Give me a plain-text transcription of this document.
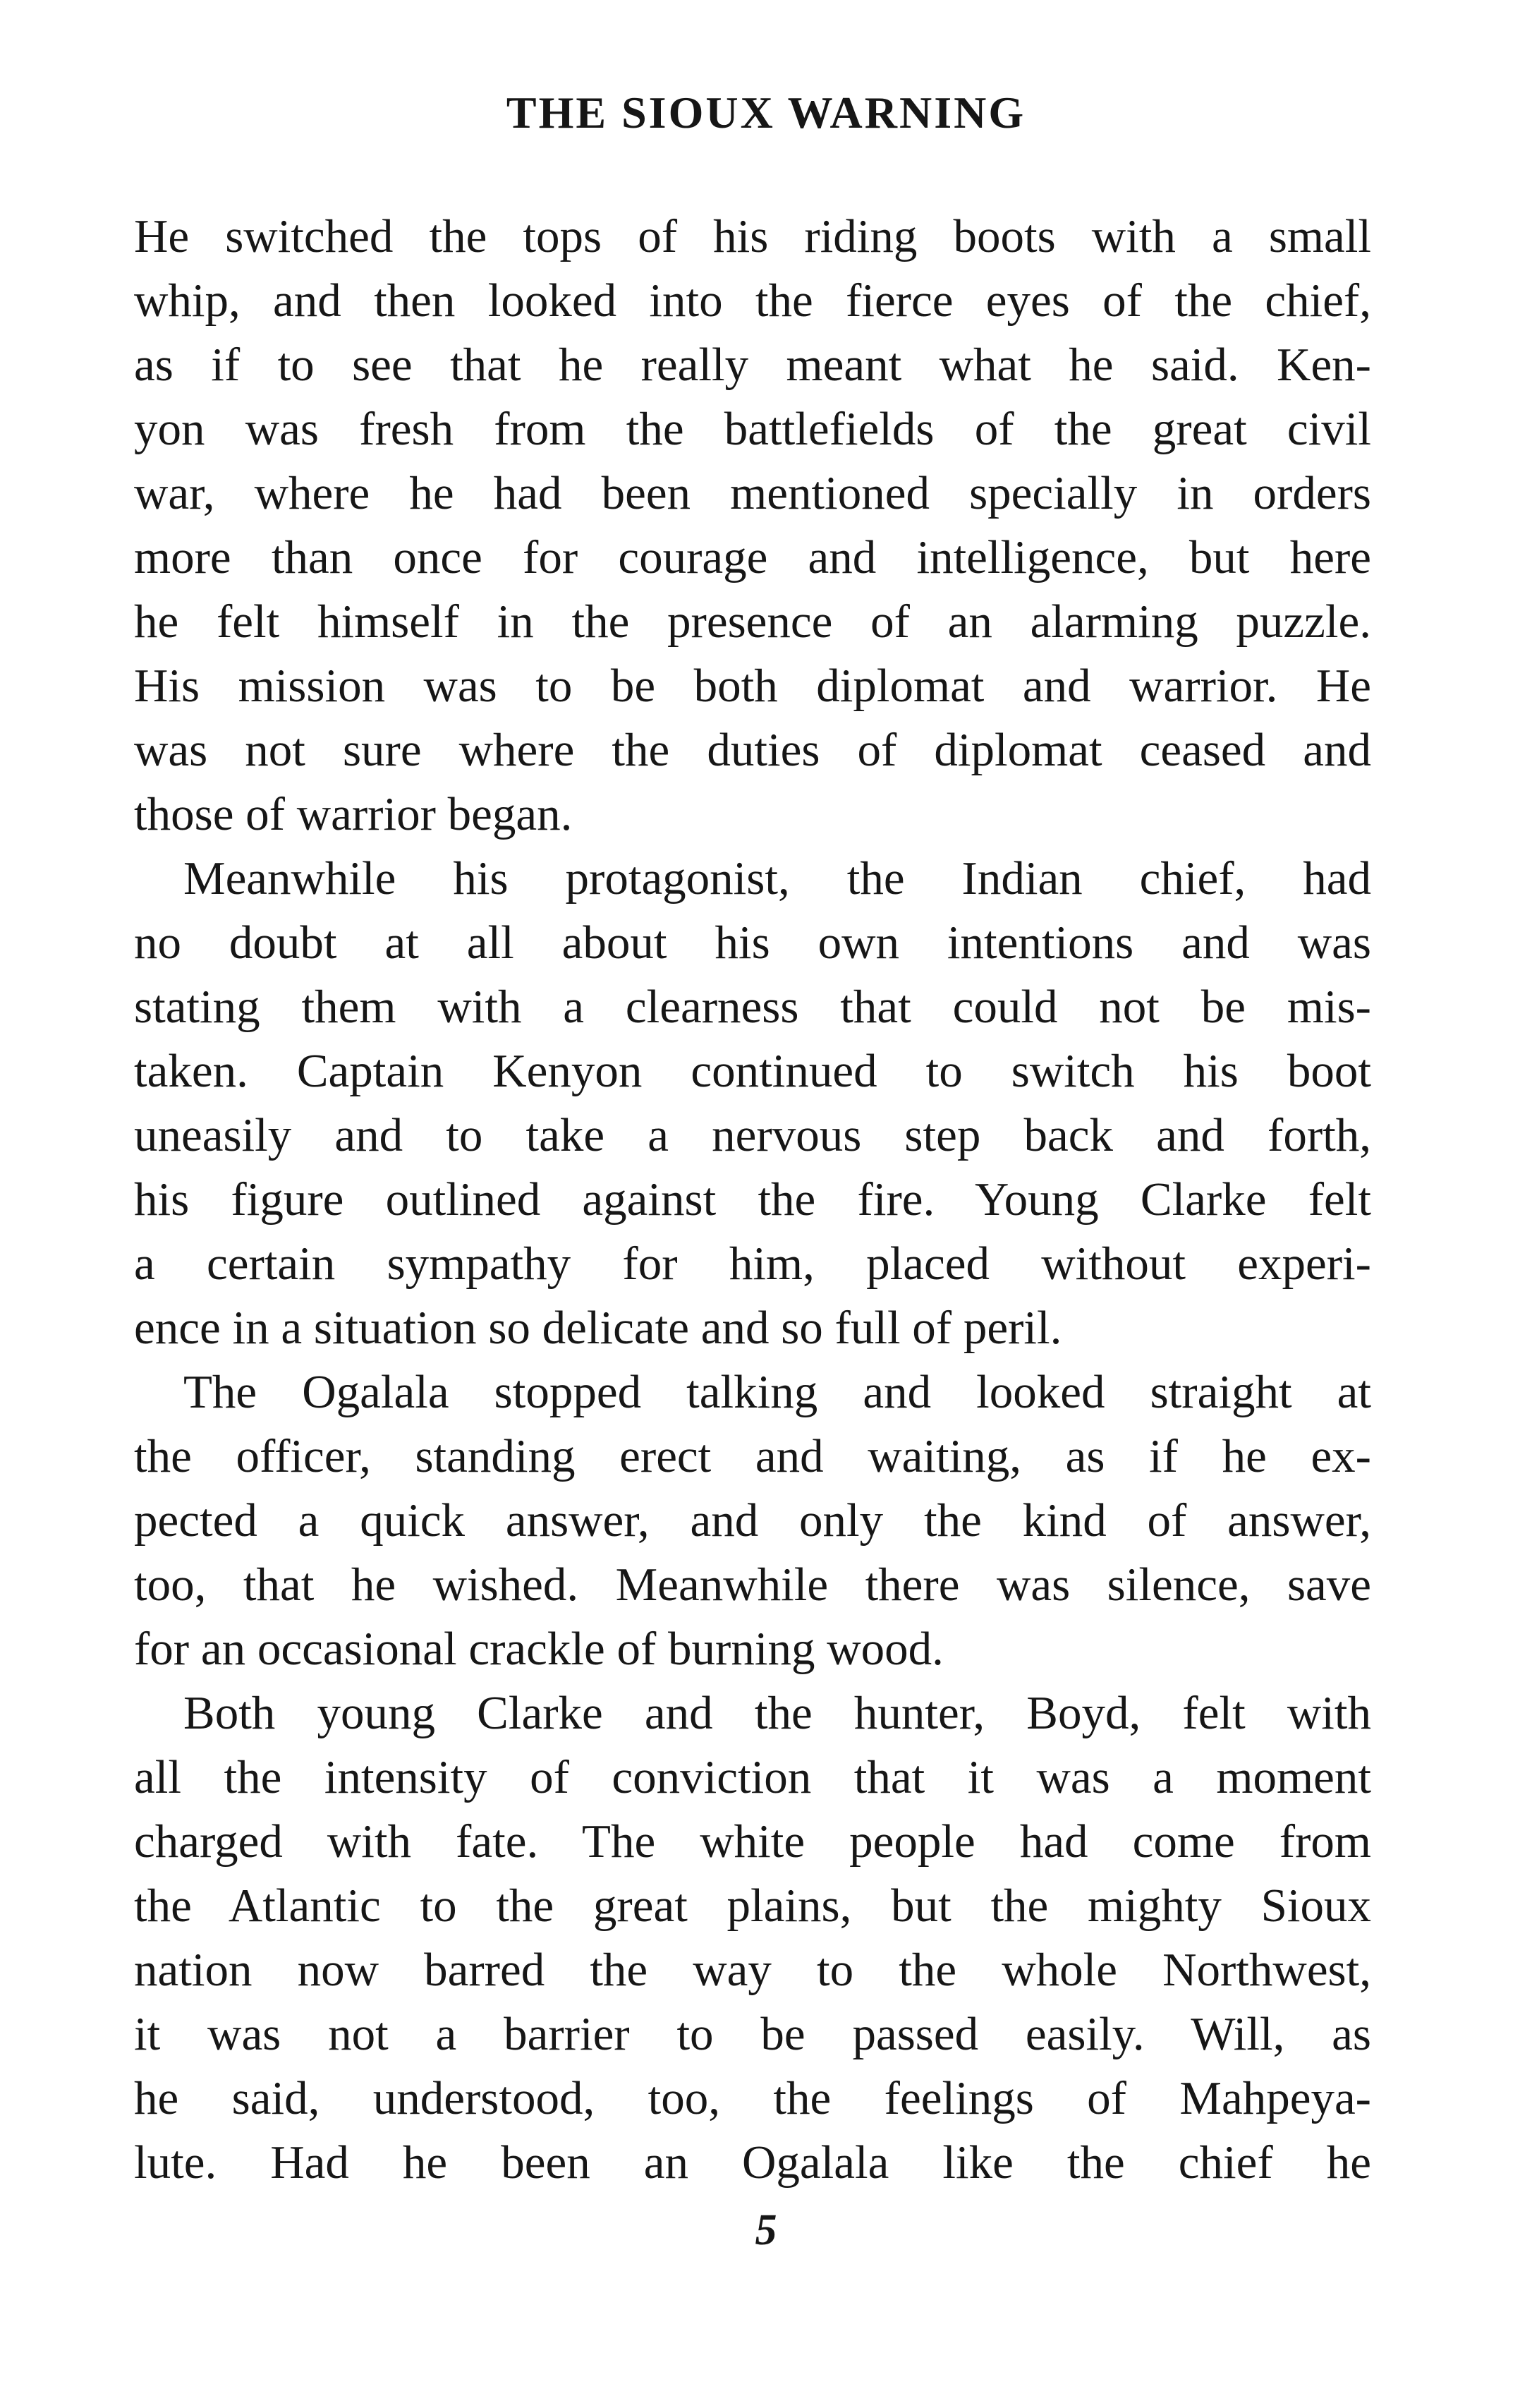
THE SIOUX WARNING
He switched the tops of his riding boots with a small
whip, and then looked into the fierce eyes of the chief,
as if to see that he really meant what he said. Ken-
yon was fresh from the battlefields of the great civil
war, where he had been mentioned specially in orders
more than once for courage and intelligence, but here
he felt himself in the presence of an alarming puzzle.
His mission was to be both diplomat and warrior. He
was not sure where the duties of diplomat ceased and
those of warrior began.
Meanwhile his protagonist, the Indian chief, had
no doubt at all about his own intentions and was
stating them with a clearness that could not be mis-
taken. Captain Kenyon continued to switch his boot
uneasily and to take a nervous step back and forth,
his figure outlined against the fire. Young Clarke felt
a certain sympathy for him, placed without experi-
ence in a situation so delicate and so full of peril.
The Ogalala stopped talking and looked straight at
the officer, standing erect and waiting, as if he ex-
pected a quick answer, and only the kind of answer,
too, that he wished. Meanwhile there was silence, save
for an occasional crackle of burning wood.
Both young Clarke and the hunter, Boyd, felt with
all the intensity of conviction that it was a moment
charged with fate. The white people had come from
the Atlantic to the great plains, but the mighty Sioux
nation now barred the way to the whole Northwest,
it was not a barrier to be passed easily. Will, as
he said, understood, too, the feelings of Mahpeya-
lute. Had he been an Ogalala like the chief he
5
